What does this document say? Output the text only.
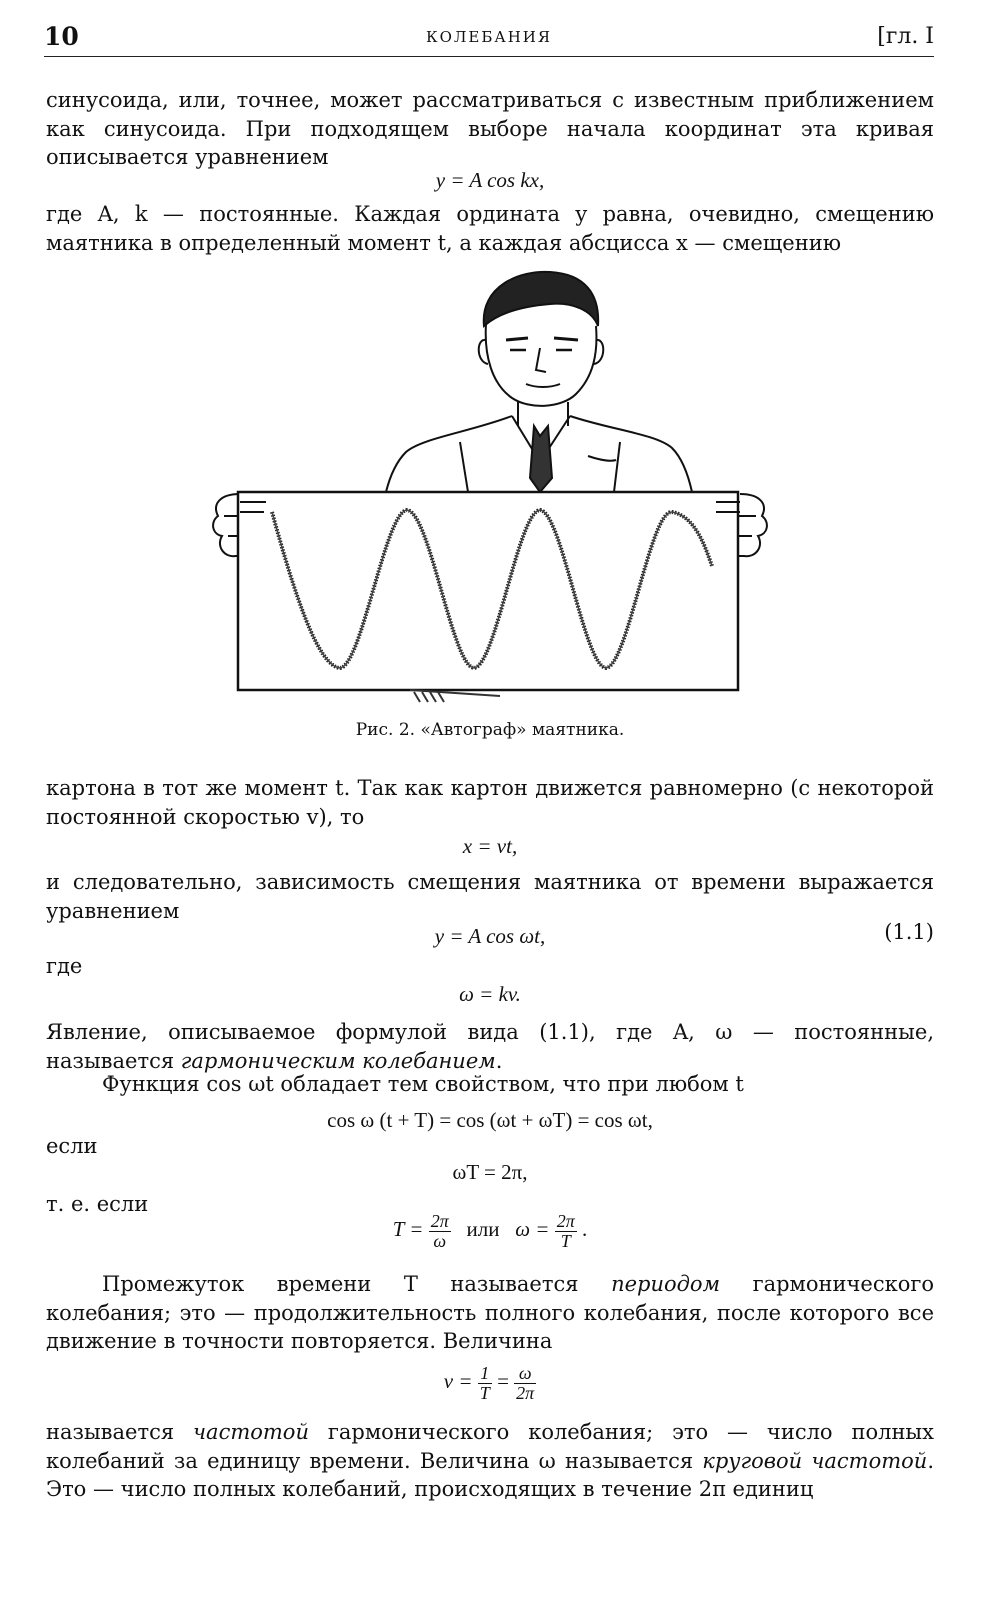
10	КОЛЕБАНИЯ	[гл. I
синусоида, или, точнее, может рассматриваться с известным приближением как синусоида. При подходящем выборе начала координат эта кривая описывается уравнением
y = A cos kx,
где A, k — постоянные. Каждая ордината y равна, очевидно, смещению маятника в определенный момент t, а каждая абсцисса x — смещению
Рис. 2. «Автограф» маятника.
картона в тот же момент t. Так как картон движется равномерно (с некоторой постоянной скоростью v), то
x = vt,
и следовательно, зависимость смещения маятника от времени выражается уравнением
y = A cos ωt,	(1.1)
где
ω = kv.
Явление, описываемое формулой вида (1.1), где A, ω — постоянные, называется гармоническим колебанием.
Функция cos ωt обладает тем свойством, что при любом t
cos ω (t + T) = cos (ωt + ωT) = cos ωt,
если
ωT = 2π,
т. е. если
$T = \frac{2\pi}{\omega}$ или $\omega = \frac{2\pi}{T}$ .
Промежуток времени T называется периодом гармонического колебания; это — продолжительность полного колебания, после которого все движение в точности повторяется. Величина
$\nu = \frac{1}{T} = \frac{\omega}{2\pi}$
называется частотой гармонического колебания; это — число полных колебаний за единицу времени. Величина ω называется круговой частотой. Это — число полных колебаний, происходящих в течение 2π единиц
